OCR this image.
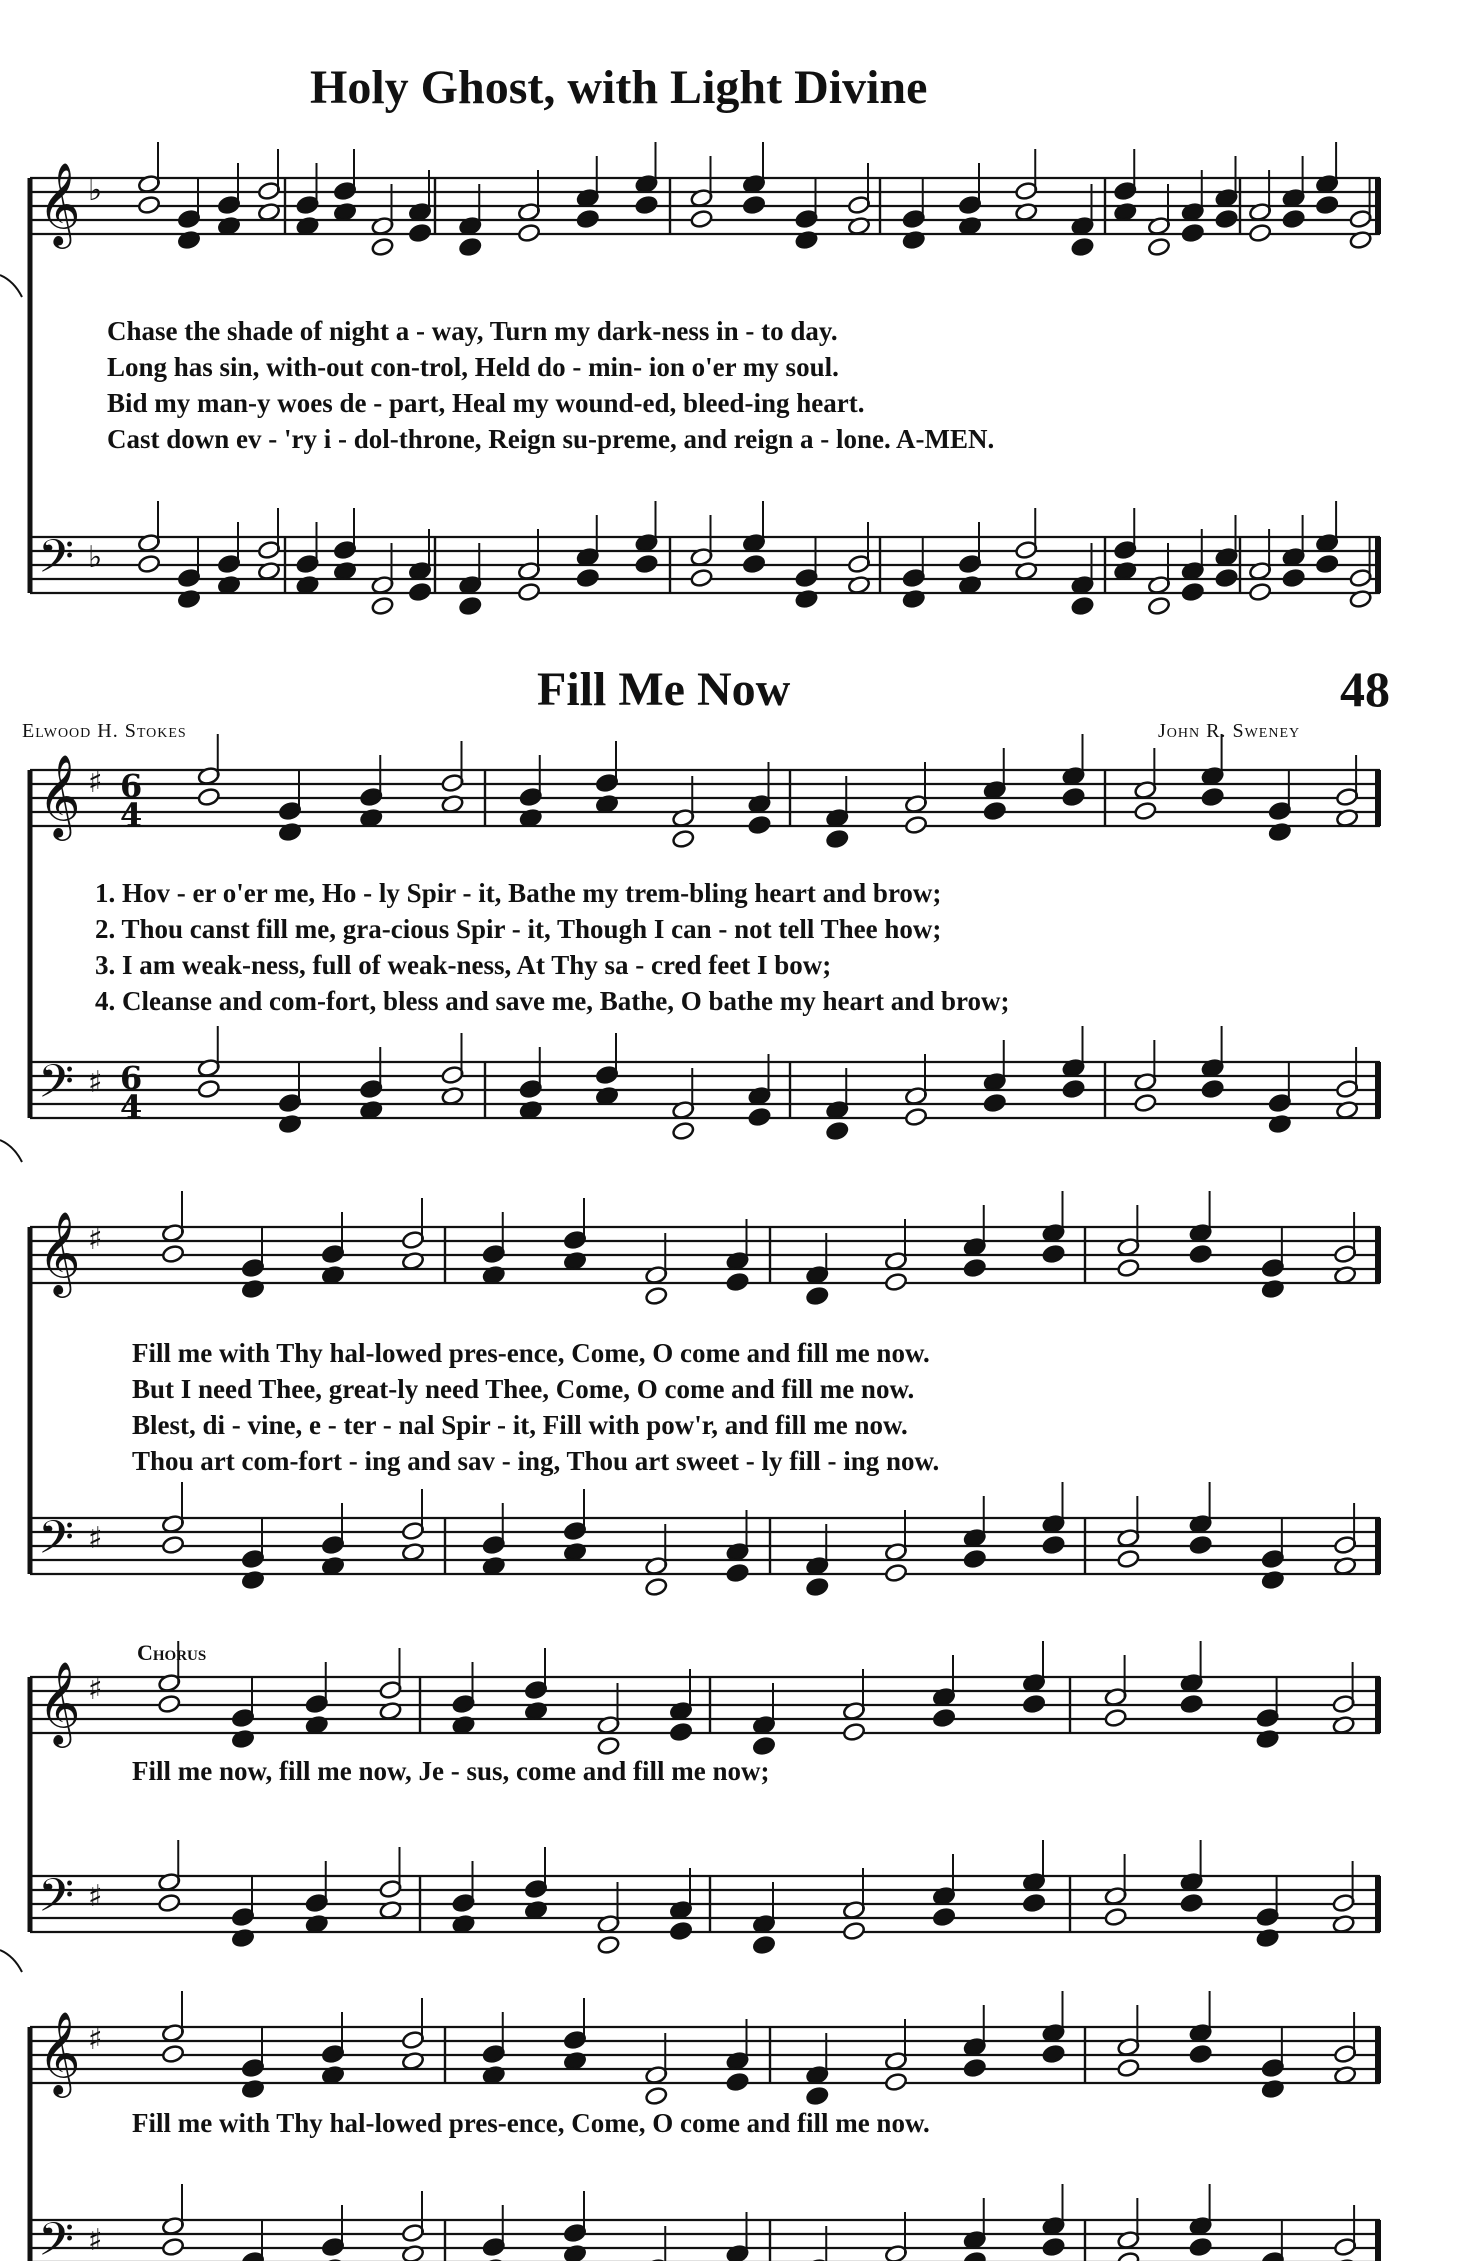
𝄞 ♭
𝄢 ♭
𝄞 ♯ 6
4
𝄢 ♯ 6
4
𝄞 ♯
𝄢 ♯
𝄞 ♯
𝄢 ♯
𝄞 ♯
𝄢 ♯
Holy Ghost, with Light Divine
Chase the shade of night a - way, Turn my dark-ness in - to day.
Long has sin, with-out con-trol, Held do - min- ion o'er my soul.
Bid my man-y woes de - part, Heal my wound-ed, bleed-ing heart.
Cast down ev - 'ry i - dol-throne, Reign su-preme, and reign a - lone. A-MEN.
Fill Me Now	48
Elwood H. Stokes	John R. Sweney
1. Hov - er o'er me, Ho - ly Spir - it, Bathe my trem-bling heart and brow;
2. Thou canst fill me, gra-cious Spir - it, Though I can - not tell Thee how;
3. I am weak-ness, full of weak-ness, At Thy sa - cred feet I bow;
4. Cleanse and com-fort, bless and save me, Bathe, O bathe my heart and brow;
Fill me with Thy hal-lowed pres-ence, Come, O come and fill me now.
But I need Thee, great-ly need Thee, Come, O come and fill me now.
Blest, di - vine, e - ter - nal Spir - it, Fill with pow'r, and fill me now.
Thou art com-fort - ing and sav - ing, Thou art sweet - ly fill - ing now.
Chorus
Fill me now, fill me now, Je - sus, come and fill me now;
Fill me with Thy hal-lowed pres-ence, Come, O come and fill me now.
